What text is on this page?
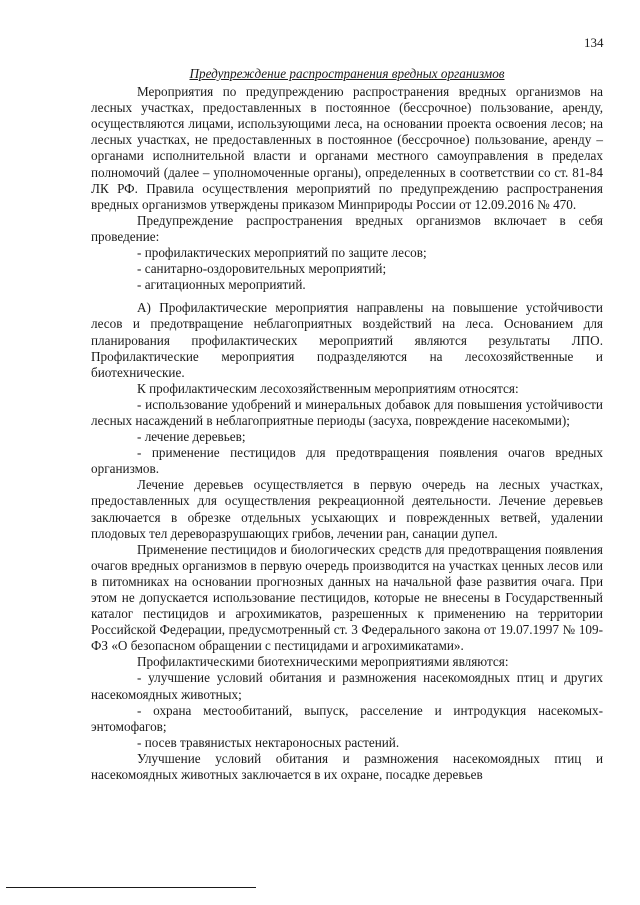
134
Предупреждение распространения вредных организмов

Мероприятия по предупреждению распространения вредных организмов на лесных участках, предоставленных в постоянное (бессрочное) пользование, аренду, осуществляются лицами, использующими леса, на основании проекта освоения лесов; на лесных участках, не предоставленных в постоянное (бессрочное) пользование, аренду – органами исполнительной власти и органами местного самоуправления в пределах полномочий (далее – уполномоченные органы), определенных в соответствии со ст. 81-84 ЛК РФ. Правила осуществления мероприятий по предупреждению распространения вредных организмов утверждены приказом Минприроды России от 12.09.2016 № 470.

Предупреждение распространения вредных организмов включает в себя проведение:

- профилактических мероприятий по защите лесов;

- санитарно-оздоровительных мероприятий;

- агитационных мероприятий.

А) Профилактические мероприятия направлены на повышение устойчивости лесов и предотвращение неблагоприятных воздействий на леса. Основанием для планирования профилактических мероприятий являются результаты ЛПО. Профилактические мероприятия подразделяются на лесохозяйственные и биотехнические.

К профилактическим лесохозяйственным мероприятиям относятся:

- использование удобрений и минеральных добавок для повышения устойчивости лесных насаждений в неблагоприятные периоды (засуха, повреждение насекомыми);

- лечение деревьев;

- применение пестицидов для предотвращения появления очагов вредных организмов.

Лечение деревьев осуществляется в первую очередь на лесных участках, предоставленных для осуществления рекреационной деятельности. Лечение деревьев заключается в обрезке отдельных усыхающих и поврежденных ветвей, удалении плодовых тел дереворазрушающих грибов, лечении ран, санации дупел.

Применение пестицидов и биологических средств для предотвращения появления очагов вредных организмов в первую очередь производится на участках ценных лесов или в питомниках на основании прогнозных данных на начальной фазе развития очага. При этом не допускается использование пестицидов, которые не внесены в Государственный каталог пестицидов и агрохимикатов, разрешенных к применению на территории Российской Федерации, предусмотренный ст. 3 Федерального закона от 19.07.1997 № 109-ФЗ «О безопасном обращении с пестицидами и агрохимикатами».

Профилактическими биотехническими мероприятиями являются:

- улучшение условий обитания и размножения насекомоядных птиц и других насекомоядных животных;

- охрана местообитаний, выпуск, расселение и интродукция насекомых-энтомофагов;

- посев травянистых нектароносных растений.

Улучшение условий обитания и размножения насекомоядных птиц и насекомоядных животных заключается в их охране, посадке деревьев
